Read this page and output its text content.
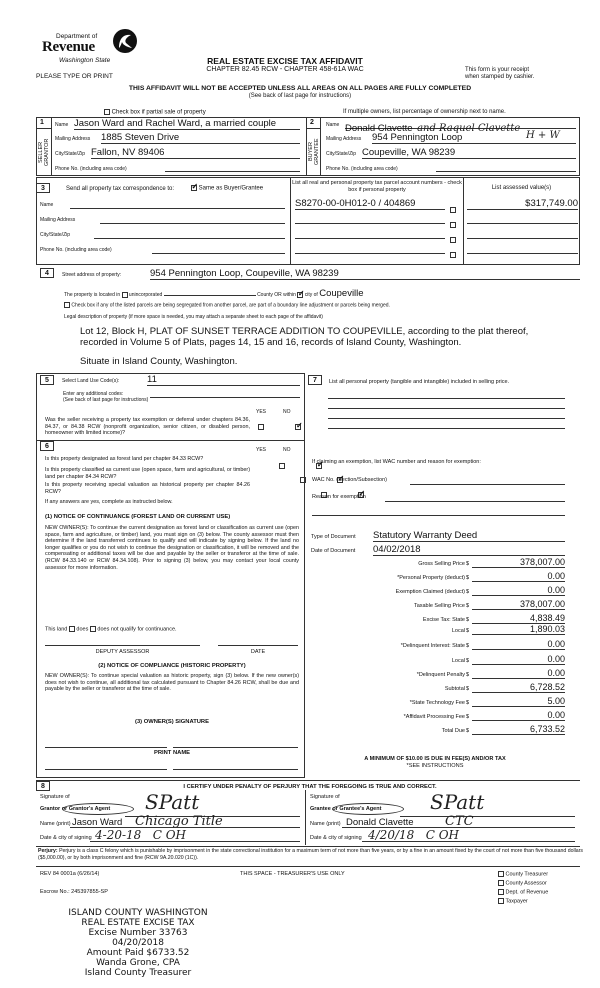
Department of
Revenue
Washington State
PLEASE TYPE OR PRINT
REAL ESTATE EXCISE TAX AFFIDAVIT
CHAPTER 82.45 RCW - CHAPTER 458-61A WAC	This form is your receipt
when stamped by cashier.
THIS AFFIDAVIT WILL NOT BE ACCEPTED UNLESS ALL AREAS ON ALL PAGES ARE FULLY COMPLETED
(See back of last page for instructions)
Check box if partial sale of property	If multiple owners, list percentage of ownership next to name.
1
SELLER GRANTOR
Name Jason Ward and Rachel Ward, a married couple
Mailing Address 1885 Steven Drive
City/State/Zip Fallon, NV 89406
Phone No. (including area code)
2
BUYER GRANTEE
Name Donald Clavette and Raquel Clavette
Mailing Address 954 Pennington Loop	H + W
City/State/Zip Coupeville, WA 98239
Phone No. (including area code)
3	Send all property tax correspondence to: ✓	Same as Buyer/Grantee
Name
Mailing Address
City/State/Zip
Phone No. (including area code)
List all real and personal property tax parcel account numbers - check box if personal property	List assessed value(s)
S8270-00-0H012-0 / 404869	$317,749.00
4	Street address of property:	954 Pennington Loop, Coupeville, WA 98239
The property is located in unincorporated	County OR within ✓ city of Coupeville
Check box if any of the listed parcels are being segregated from another parcel, are part of a boundary line adjustment or parcels being merged.
Legal description of property (if more space is needed, you may attach a separate sheet to each page of the affidavit)
Lot 12, Block H, PLAT OF SUNSET TERRACE ADDITION TO COUPEVILLE, according to the plat thereof,
recorded in Volume 5 of Plats, pages 14, 15 and 16, records of Island County, Washington.
Situate in Island County, Washington.
5	Select Land Use Code(s):	11
Enter any additional codes:
(See back of last page for instructions)
YES	NO
Was the seller receiving a property tax exemption or deferral under chapters 84.36, 84.37, or 84.38 RCW (nonprofit organization, senior citizen, or disabled person, homeowner with limited income)?
✓
6	YES	NO
Is this property designated as forest land per chapter 84.33 RCW?
✓
Is this property classified as current use (open space, farm and agricultural, or timber) land per chapter 84.34 RCW?
✓
Is this property receiving special valuation as historical property per chapter 84.26 RCW?
✓
If any answers are yes, complete as instructed below.
(1) NOTICE OF CONTINUANCE (FOREST LAND OR CURRENT USE)
NEW OWNER(S): To continue the current designation as forest land or classification as current use (open space, farm and agriculture, or timber) land, you must sign on (3) below. The county assessor must then determine if the land transferred continues to qualify and will indicate by signing below. If the land no longer qualifies or you do not wish to continue the designation or classification, it will be removed and the compensating or additional taxes will be due and payable by the seller or transferor at the time of sale. (RCW 84.33.140 or RCW 84.34.108). Prior to signing (3) below, you may contact your local county assessor for more information.
This land does does not qualify for continuance.
DEPUTY ASSESSOR	DATE
(2) NOTICE OF COMPLIANCE (HISTORIC PROPERTY)
NEW OWNER(S): To continue special valuation as historic property, sign (3) below. If the new owner(s) does not wish to continue, all additional tax calculated pursuant to Chapter 84.26 RCW, shall be due and payable by the seller or transferor at the time of sale.
(3) OWNER(S) SIGNATURE
PRINT NAME
7	List all personal property (tangible and intangible) included in selling price.
If claiming an exemption, list WAC number and reason for exemption:
WAC No. (Section/Subsection)
Reason for exemption
Type of Document Statutory Warranty Deed
Date of Document 04/02/2018
Gross Selling Price $	378,007.00
*Personal Property (deduct) $	0.00
Exemption Claimed (deduct) $	0.00
Taxable Selling Price $	378,007.00
Excise Tax: State $	4,838.49
Local $	1,890.03
*Delinquent Interest: State $	0.00
Local $	0.00
*Delinquent Penalty $	0.00
Subtotal $	6,728.52
*State Technology Fee $	5.00
*Affidavit Processing Fee $	0.00
Total Due $	6,733.52
A MINIMUM OF $10.00 IS DUE IN FEE(S) AND/OR TAX
*SEE INSTRUCTIONS
8	I CERTIFY UNDER PENALTY OF PERJURY THAT THE FOREGOING IS TRUE AND CORRECT.
Signature of
Grantor or Grantor's Agent SPatt
Name (print) Jason Ward Chicago Title
Date & city of signing 4-20-18   C OH
Signature of
Grantee or Grantee's Agent SPatt
Name (print) Donald Clavette CTC
Date & city of signing 4/20/18   C OH
Perjury: Perjury is a class C felony which is punishable by imprisonment in the state correctional institution for a maximum term of not more than five years, or by a fine in an amount fixed by the court of not more than five thousand dollars ($5,000.00), or by both imprisonment and fine (RCW 9A.20.020 (1C)).
REV 84 0001a (6/26/14)	THIS SPACE - TREASURER'S USE ONLY
Escrow No.: 245397855-SP
County Treasurer
County Assessor
Dept. of Revenue
Taxpayer
ISLAND COUNTY WASHINGTON
REAL ESTATE EXCISE TAX
Excise Number 33763
04/20/2018
Amount Paid $6733.52
Wanda Grone, CPA
Island County Treasurer
